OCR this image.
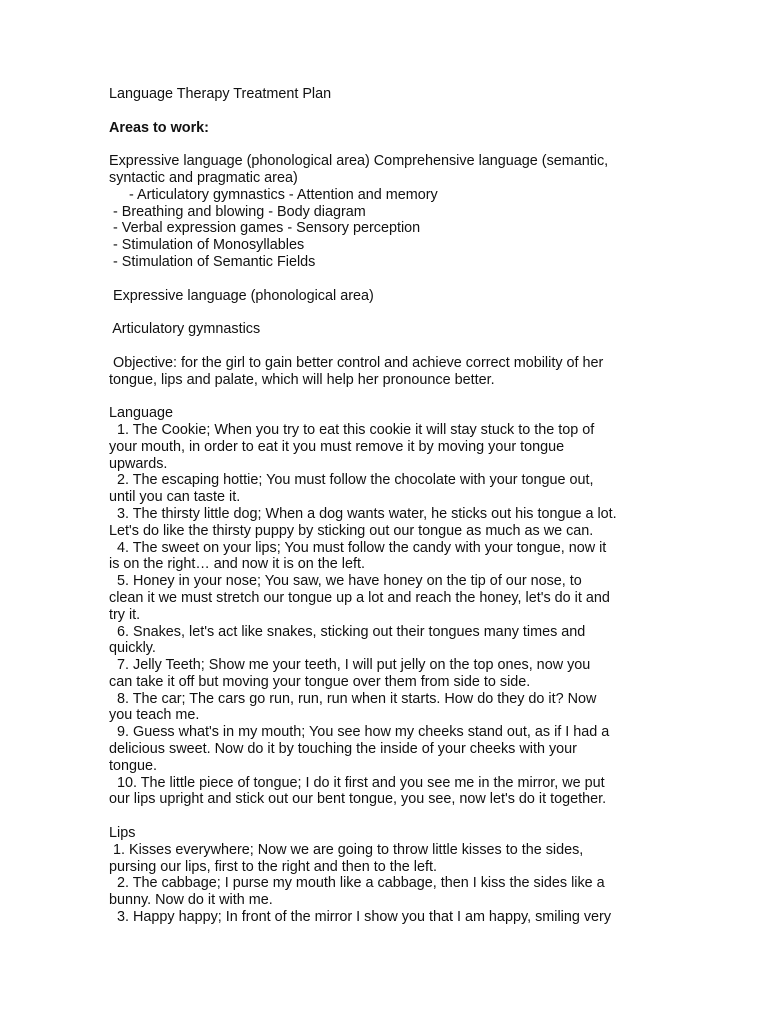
Language Therapy Treatment Plan
Areas to work:
Expressive language (phonological area) Comprehensive language (semantic,
syntactic and pragmatic area)
- Articulatory gymnastics - Attention and memory
- Breathing and blowing - Body diagram
- Verbal expression games - Sensory perception
- Stimulation of Monosyllables
- Stimulation of Semantic Fields
Expressive language (phonological area)
Articulatory gymnastics
Objective: for the girl to gain better control and achieve correct mobility of her
tongue, lips and palate, which will help her pronounce better.
Language
1. The Cookie; When you try to eat this cookie it will stay stuck to the top of
your mouth, in order to eat it you must remove it by moving your tongue
upwards.
2. The escaping hottie; You must follow the chocolate with your tongue out,
until you can taste it.
3. The thirsty little dog; When a dog wants water, he sticks out his tongue a lot.
Let's do like the thirsty puppy by sticking out our tongue as much as we can.
4. The sweet on your lips; You must follow the candy with your tongue, now it
is on the right… and now it is on the left.
5. Honey in your nose; You saw, we have honey on the tip of our nose, to
clean it we must stretch our tongue up a lot and reach the honey, let's do it and
try it.
6. Snakes, let's act like snakes, sticking out their tongues many times and
quickly.
7. Jelly Teeth; Show me your teeth, I will put jelly on the top ones, now you
can take it off but moving your tongue over them from side to side.
8. The car; The cars go run, run, run when it starts. How do they do it? Now
you teach me.
9. Guess what's in my mouth; You see how my cheeks stand out, as if I had a
delicious sweet. Now do it by touching the inside of your cheeks with your
tongue.
10. The little piece of tongue; I do it first and you see me in the mirror, we put
our lips upright and stick out our bent tongue, you see, now let's do it together.
Lips
1. Kisses everywhere; Now we are going to throw little kisses to the sides,
pursing our lips, first to the right and then to the left.
2. The cabbage; I purse my mouth like a cabbage, then I kiss the sides like a
bunny. Now do it with me.
3. Happy happy; In front of the mirror I show you that I am happy, smiling very
